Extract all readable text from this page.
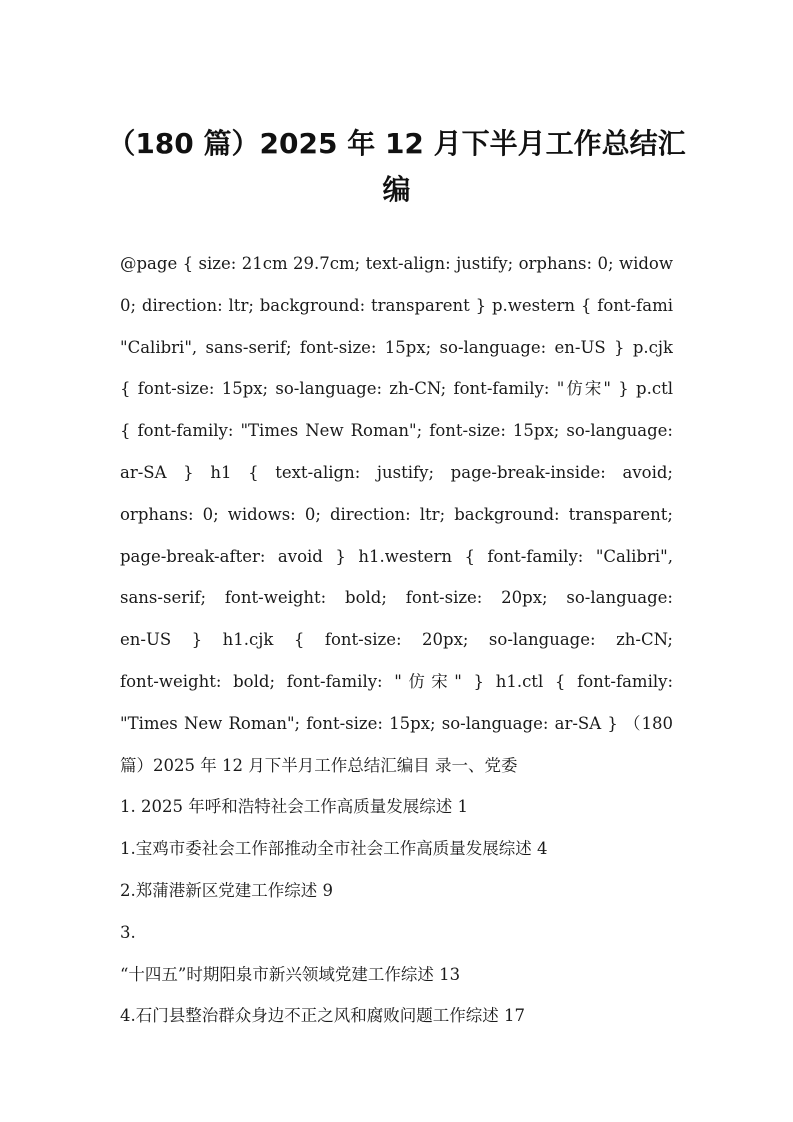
（180 篇）2025 年 12 月下半月工作总结汇编
@page { size: 21cm 29.7cm; text-align: justify; orphans: 0; widow
0; direction: ltr; background: transparent } p.western { font-fami
"Calibri", sans-serif; font-size: 15px; so-language: en-US } p.cjk
{ font-size: 15px; so-language: zh-CN; font-family: "仿宋" } p.ctl
{ font-family: "Times New Roman"; font-size: 15px; so-language:
ar-SA } h1 { text-align: justify; page-break-inside: avoid;
orphans: 0; widows: 0; direction: ltr; background: transparent;
page-break-after: avoid } h1.western { font-family: "Calibri",
sans-serif; font-weight: bold; font-size: 20px; so-language:
en-US } h1.cjk { font-size: 20px; so-language: zh-CN;
font-weight: bold; font-family: "仿宋" } h1.ctl { font-family:
"Times New Roman"; font-size: 15px; so-language: ar-SA } （180
篇）2025 年 12 月下半月工作总结汇编目 录一、党委
1. 2025 年呼和浩特社会工作高质量发展综述 1
1.宝鸡市委社会工作部推动全市社会工作高质量发展综述 4
2.郑蒲港新区党建工作综述 9
3.
“十四五”时期阳泉市新兴领域党建工作综述 13
4.石门县整治群众身边不正之风和腐败问题工作综述 17
